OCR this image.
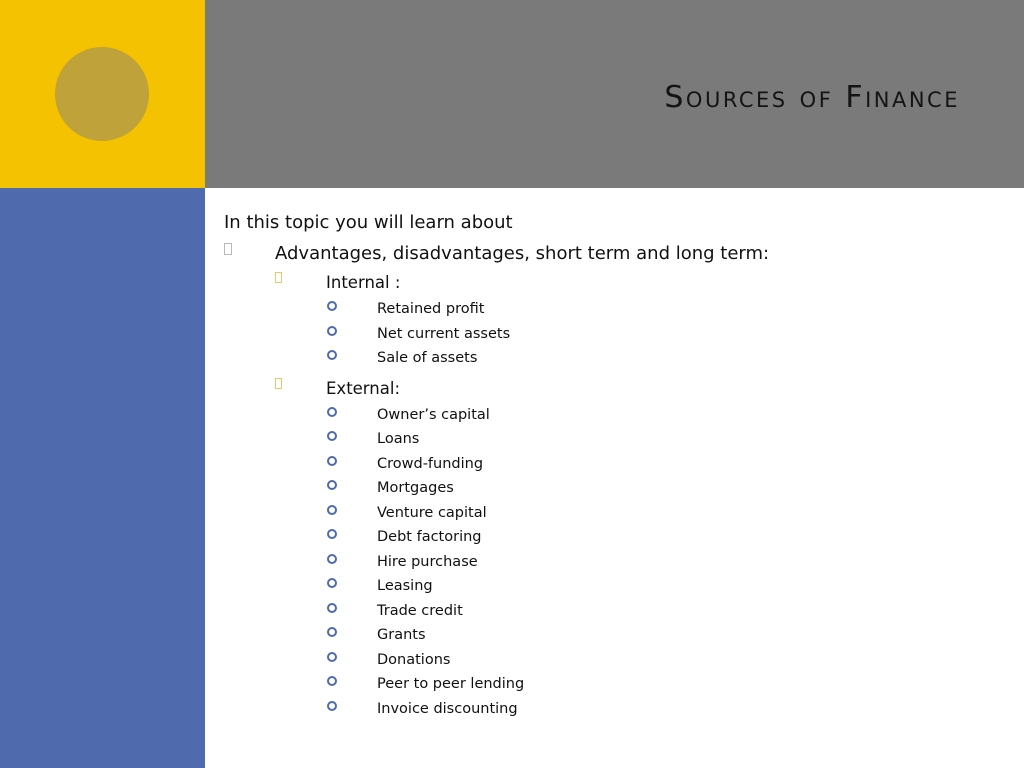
Sources of Finance

In this topic you will learn about

Advantages, disadvantages, short term and long term:
Internal :
Retained profit
Net current assets
Sale of assets
External:
Owner’s capital
Loans
Crowd-funding
Mortgages
Venture capital
Debt factoring
Hire purchase
Leasing
Trade credit
Grants
Donations
Peer to peer lending
Invoice discounting
